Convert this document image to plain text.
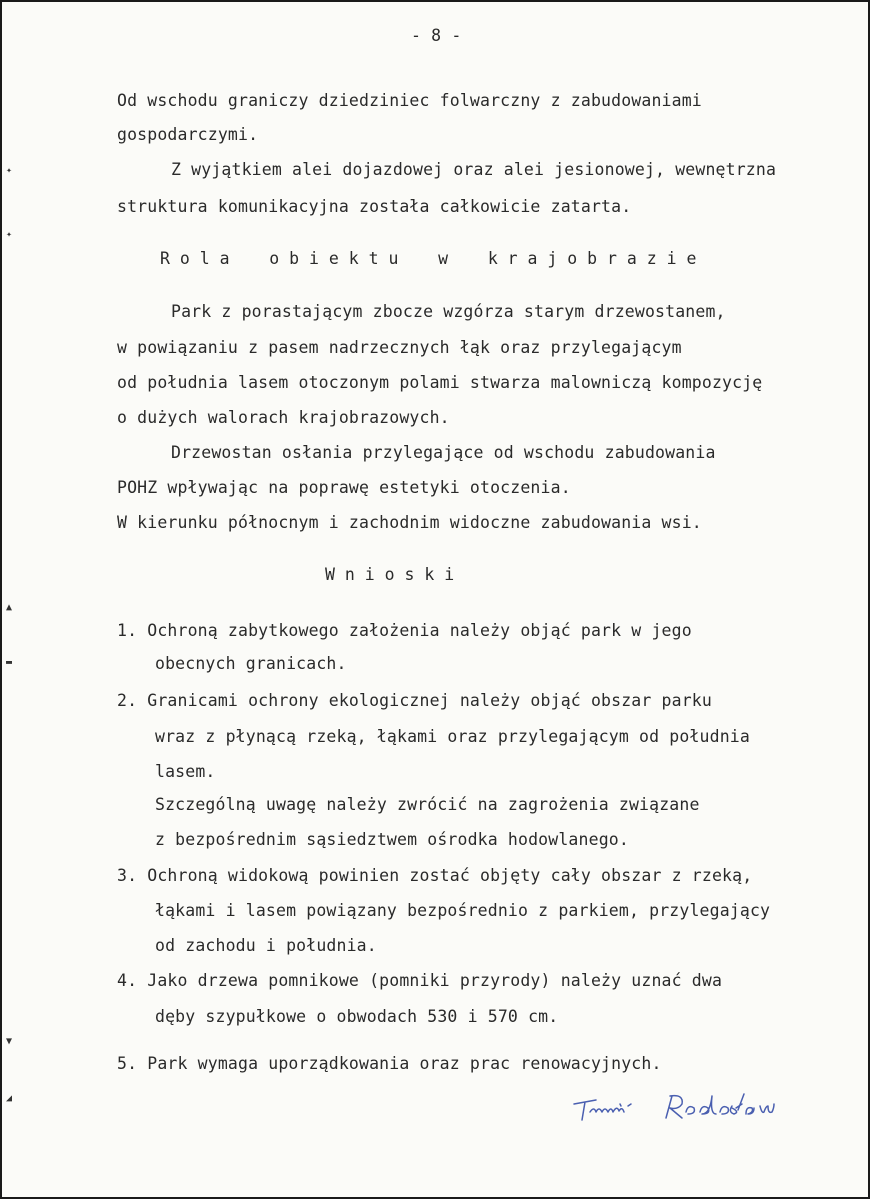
- 8 -
Od wschodu graniczy dziedziniec folwarczny z zabudowaniami
gospodarczymi.
Z wyjątkiem alei dojazdowej oraz alei jesionowej, wewnętrzna
struktura komunikacyjna została całkowicie zatarta.
R o l a    o b i e k t u    w    k r a j o b r a z i e
Park z porastającym zbocze wzgórza starym drzewostanem,
w powiązaniu z pasem nadrzecznych łąk oraz przylegającym
od południa lasem otoczonym polami stwarza malowniczą kompozycję
o dużych walorach krajobrazowych.
Drzewostan osłania przylegające od wschodu zabudowania
POHZ wpływając na poprawę estetyki otoczenia.
W kierunku północnym i zachodnim widoczne zabudowania wsi.
W n i o s k i
1. Ochroną zabytkowego założenia należy objąć park w jego
obecnych granicach.
2. Granicami ochrony ekologicznej należy objąć obszar parku
wraz z płynącą rzeką, łąkami oraz przylegającym od południa
lasem.
Szczególną uwagę należy zwrócić na zagrożenia związane
z bezpośrednim sąsiedztwem ośrodka hodowlanego.
3. Ochroną widokową powinien zostać objęty cały obszar z rzeką,
łąkami i lasem powiązany bezpośrednio z parkiem, przylegający
od zachodu i południa.
4. Jako drzewa pomnikowe (pomniki przyrody) należy uznać dwa
dęby szypułkowe o obwodach 530 i 570 cm.
5. Park wymaga uporządkowania oraz prac renowacyjnych.
✦
✦
▲
▬
▼
◢
